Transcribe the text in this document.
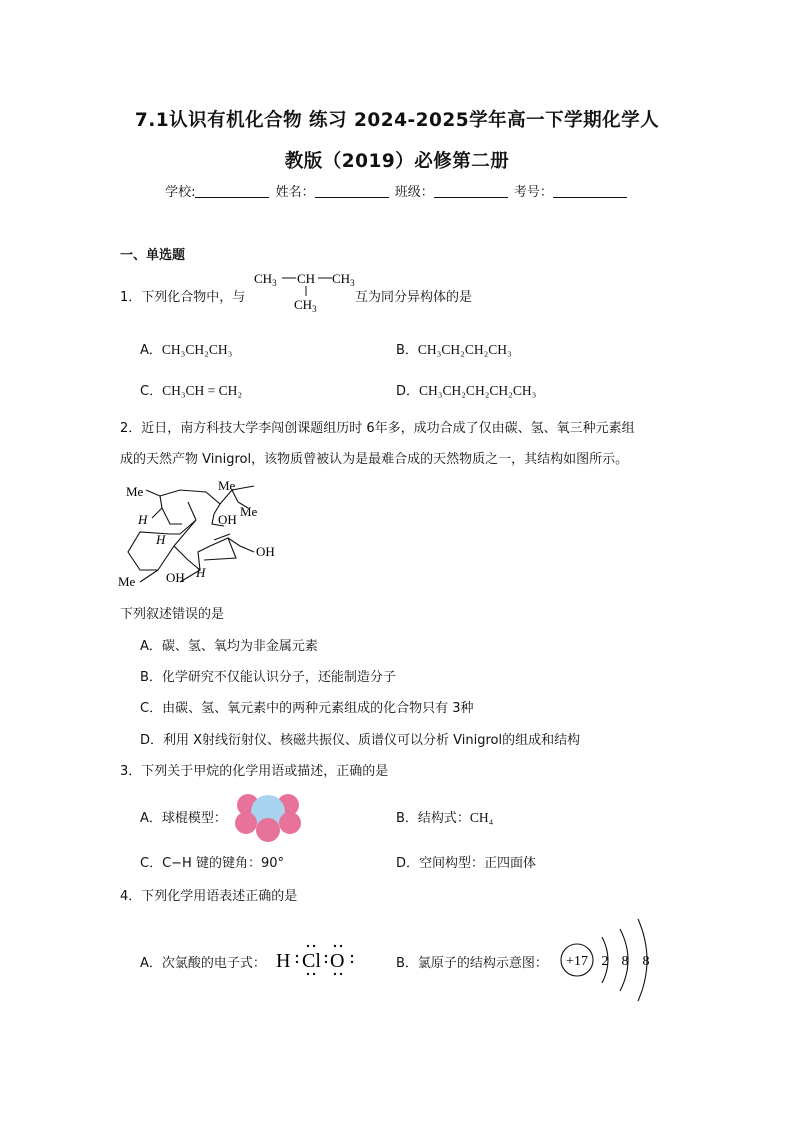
7.1认识有机化合物 练习 2024-2025学年高一下学期化学人
教版（2019）必修第二册
学校:	姓名：	班级：	考号：
一、单选题
1．下列化合物中，与
$CH_3$ CH $CH_3$
$CH_3$
互为同分异构体的是
A．CH₃CH₂CH₃	B．CH₃CH₂CH₂CH₃
C．CH₃CH = CH₂	D．CH₃CH₂CH₂CH₂CH₃
2．近日，南方科技大学李闯创课题组历时 6年多，成功合成了仅由碳、氢、氧三种元素组
成的天然产物 Vinigrol，该物质曾被认为是最难合成的天然物质之一，其结构如图所示。
Me	Me
Me
H
H
OH
OH
Me OH H
下列叙述错误的是
A．碳、氢、氧均为非金属元素
B．化学研究不仅能认识分子，还能制造分子
C．由碳、氢、氧元素中的两种元素组成的化合物只有 3种
D．利用 X射线衍射仪、核磁共振仪、质谱仪可以分析 Vinigrol的组成和结构
3．下列关于甲烷的化学用语或描述，正确的是
A．球棍模型：	B．结构式：CH₄
C．C−H 键的键角：90°	D．空间构型：正四面体
4．下列化学用语表述正确的是
A．次氯酸的电子式： H Cl O	B．氯原子的结构示意图： +17 2 8 8
